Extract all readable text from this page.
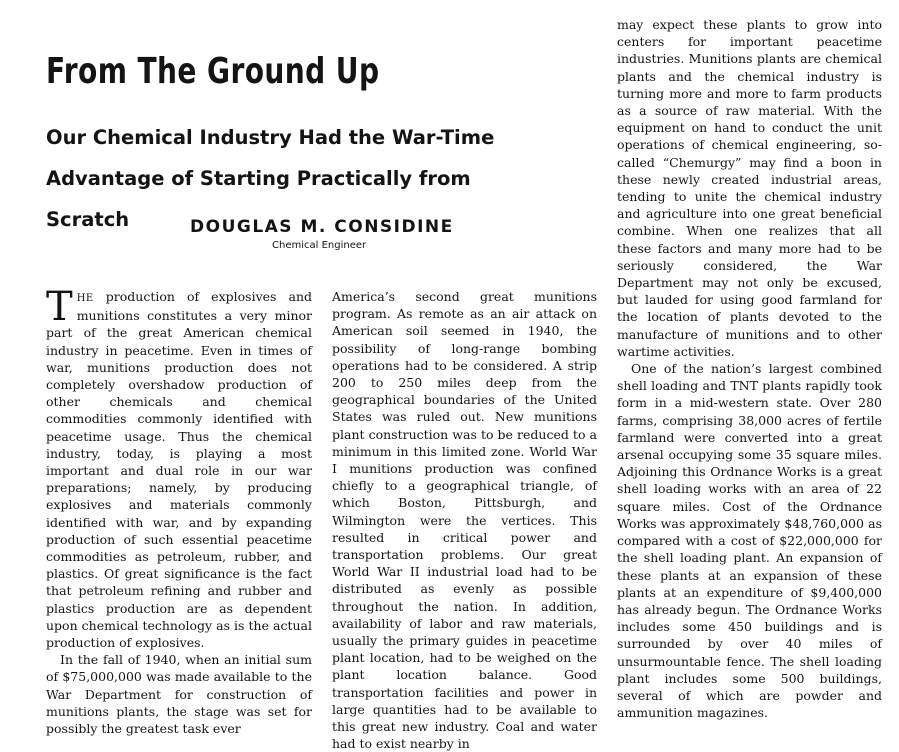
From The Ground Up
Our Chemical Industry Had the War-Time Advantage of Starting Practically from Scratch	DOUGLAS M. CONSIDINE
Chemical Engineer

THE production of explosives and munitions constitutes a very minor part of the great American chemical industry in peacetime. Even in times of war, munitions production does not completely overshadow production of other chemicals and chemical commodities commonly identified with peacetime usage. Thus the chemical industry, today, is playing a most important and dual role in our war preparations; namely, by producing explosives and materials commonly identified with war, and by expanding production of such essential peacetime commodities as petroleum, rubber, and plastics. Of great significance is the fact that petroleum refining and rubber and plastics production are as dependent upon chemical technology as is the actual production of explosives.

In the fall of 1940, when an initial sum of $75,000,000 was made available to the War Department for construction of munitions plants, the stage was set for possibly the greatest task ever

America’s second great munitions program. As remote as an air attack on American soil seemed in 1940, the possibility of long-range bombing operations had to be considered. A strip 200 to 250 miles deep from the geographical boundaries of the United States was ruled out. New munitions plant construction was to be reduced to a minimum in this limited zone. World War I munitions production was confined chiefly to a geographical triangle, of which Boston, Pittsburgh, and Wilmington were the vertices. This resulted in critical power and transportation problems. Our great World War II industrial load had to be distributed as evenly as possible throughout the nation. In addition, availability of labor and raw materials, usually the primary guides in peacetime plant location, had to be weighed on the plant location balance. Good transportation facilities and power in large quantities had to be available to this great new industry. Coal and water had to exist nearby in

may expect these plants to grow into centers for important peacetime industries. Munitions plants are chemical plants and the chemical industry is turning more and more to farm products as a source of raw material. With the equipment on hand to conduct the unit operations of chemical engineering, so-called “Chemurgy” may find a boon in these newly created industrial areas, tending to unite the chemical industry and agriculture into one great beneficial combine. When one realizes that all these factors and many more had to be seriously considered, the War Department may not only be excused, but lauded for using good farmland for the location of plants devoted to the manufacture of munitions and to other wartime activities.

One of the nation’s largest combined shell loading and TNT plants rapidly took form in a mid-western state. Over 280 farms, comprising 38,000 acres of fertile farmland were converted into a great arsenal occupying some 35 square miles. Adjoining this Ordnance Works is a great shell loading works with an area of 22 square miles. Cost of the Ordnance Works was approximately $48,760,000 as compared with a cost of $22,000,000 for the shell loading plant. An expansion of these plants at an expansion of these plants at an expenditure of $9,400,000 has already begun. The Ordnance Works includes some 450 buildings and is surrounded by over 40 miles of unsurmountable fence. The shell loading plant includes some 500 buildings, several of which are powder and ammunition magazines.
